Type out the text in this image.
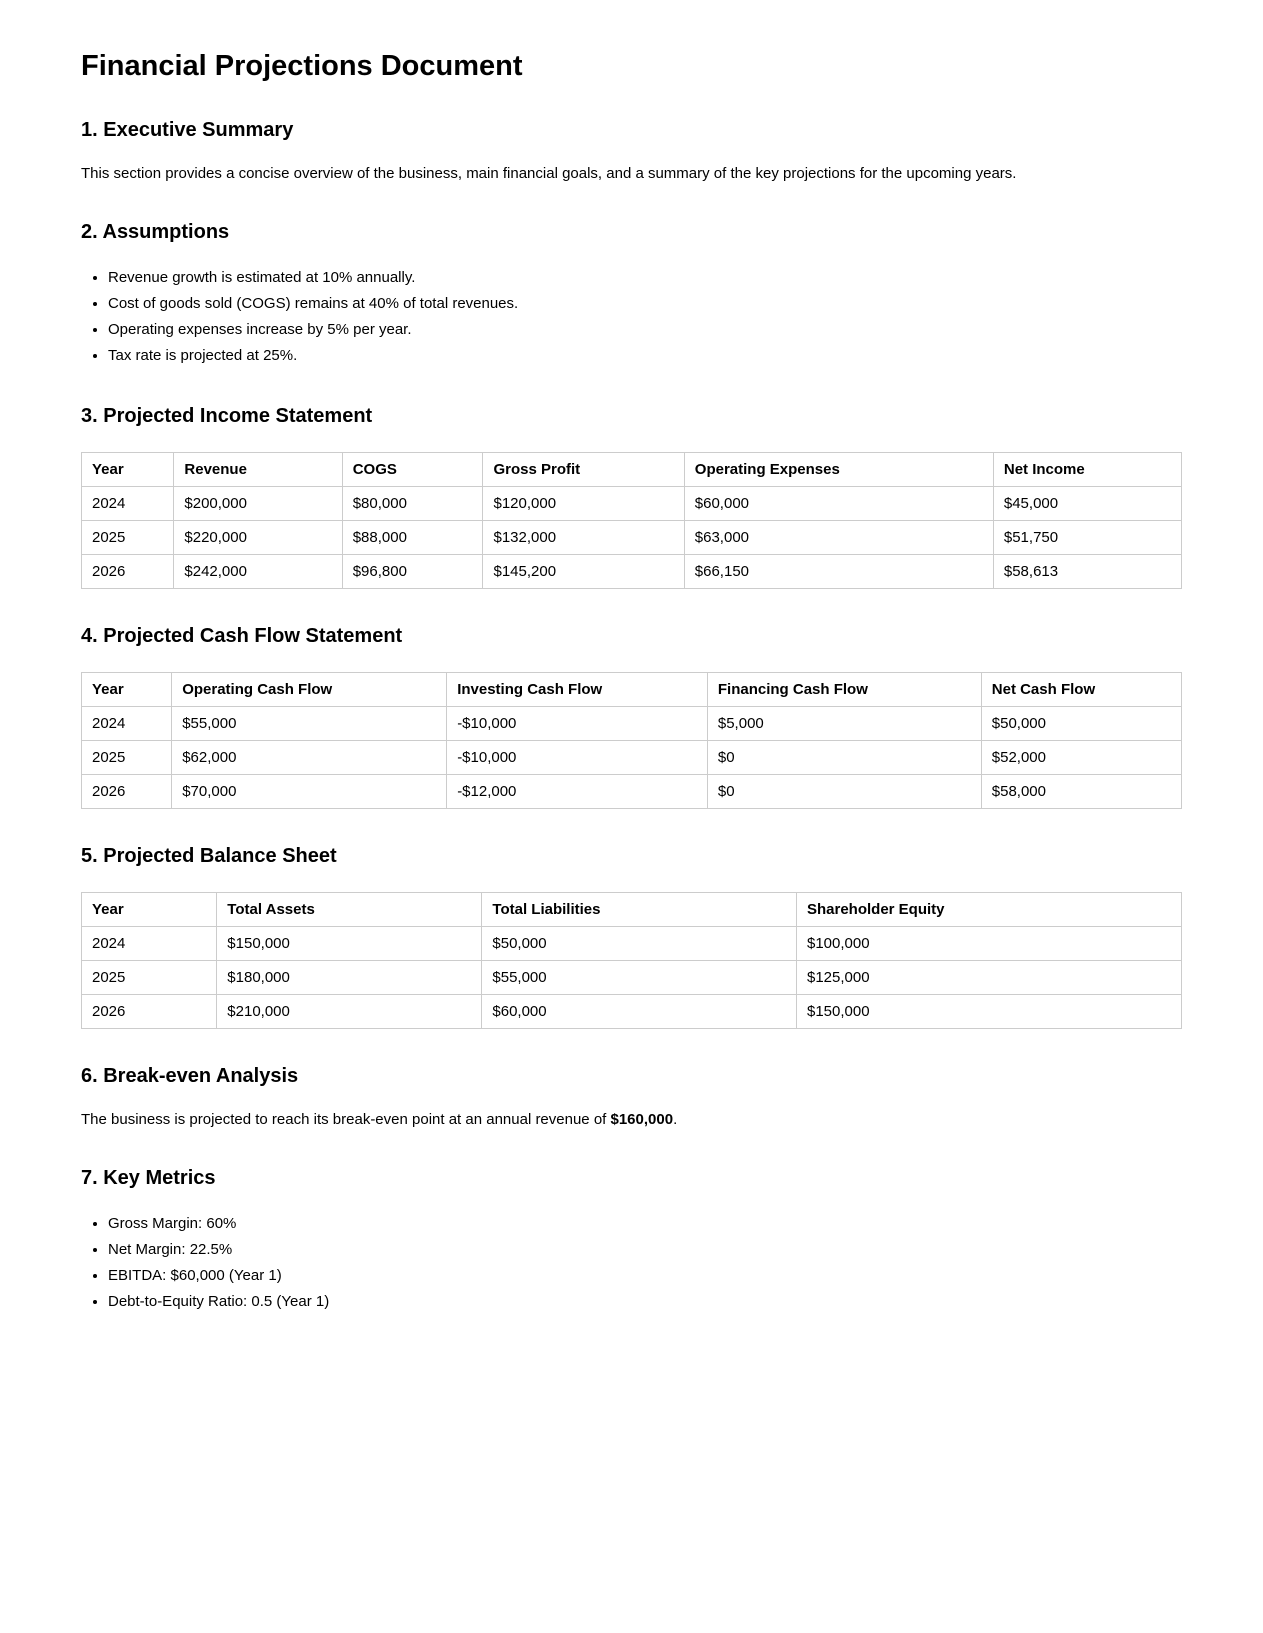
Financial Projections Document
1. Executive Summary

This section provides a concise overview of the business, main financial goals, and a summary of the key projections for the upcoming years.

2. Assumptions
• Revenue growth is estimated at 10% annually.
• Cost of goods sold (COGS) remains at 40% of total revenues.
• Operating expenses increase by 5% per year.
• Tax rate is projected at 25%.
3. Projected Income Statement
Year	Revenue	COGS	Gross Profit	Operating Expenses	Net Income
2024	$200,000	$80,000	$120,000	$60,000	$45,000
2025	$220,000	$88,000	$132,000	$63,000	$51,750
2026	$242,000	$96,800	$145,200	$66,150	$58,613
4. Projected Cash Flow Statement
Year	Operating Cash Flow	Investing Cash Flow	Financing Cash Flow	Net Cash Flow
2024	$55,000	-$10,000	$5,000	$50,000
2025	$62,000	-$10,000	$0	$52,000
2026	$70,000	-$12,000	$0	$58,000
5. Projected Balance Sheet
Year	Total Assets	Total Liabilities	Shareholder Equity
2024	$150,000	$50,000	$100,000
2025	$180,000	$55,000	$125,000
2026	$210,000	$60,000	$150,000
6. Break-even Analysis

The business is projected to reach its break-even point at an annual revenue of $160,000.

7. Key Metrics
• Gross Margin: 60%
• Net Margin: 22.5%
• EBITDA: $60,000 (Year 1)
• Debt-to-Equity Ratio: 0.5 (Year 1)
